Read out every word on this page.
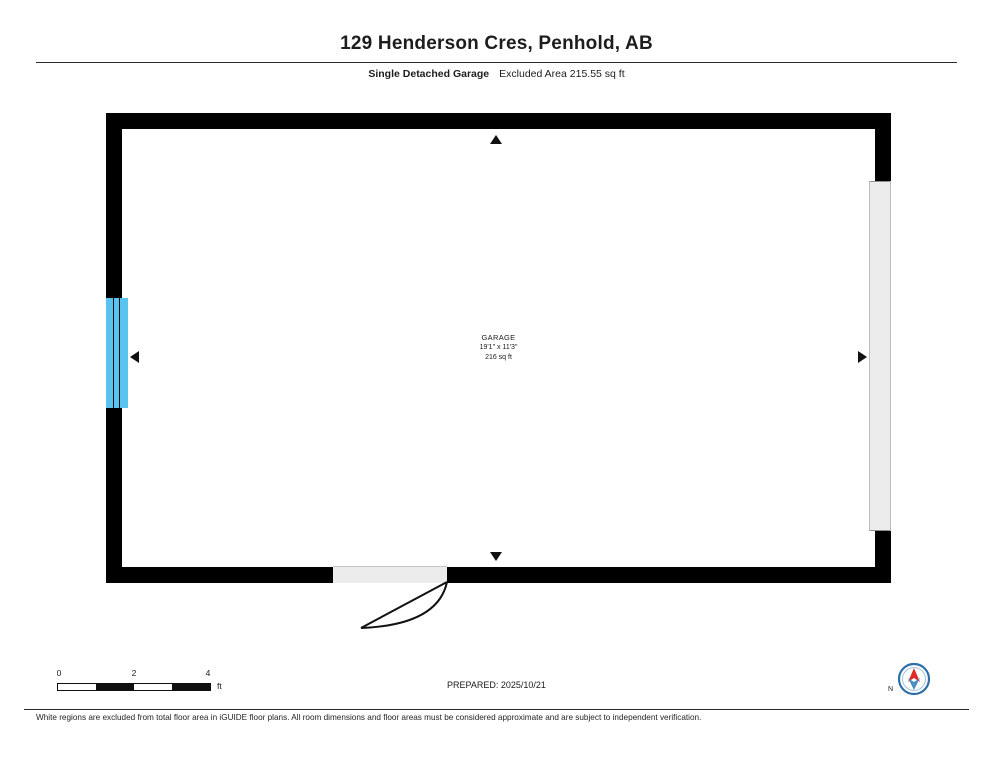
129 Henderson Cres, Penhold, AB
Single Detached Garage Excluded Area 215.55 sq ft
GARAGE
19'1" x 11'3"
216 sq ft
0	2	4
ft	PREPARED: 2025/10/21	N
White regions are excluded from total floor area in iGUIDE floor plans. All room dimensions and floor areas must be considered approximate and are subject to independent verification.
